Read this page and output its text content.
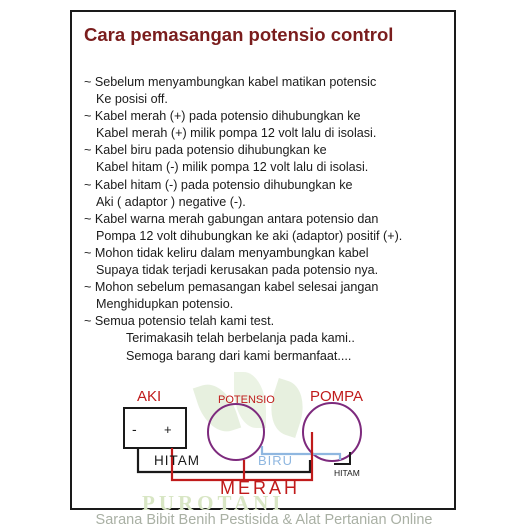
Cara pemasangan potensio control
~ Sebelum menyambungkan kabel matikan potensic
Ke posisi off.
~ Kabel merah (+) pada potensio dihubungkan ke
Kabel merah (+) milik pompa 12 volt lalu di isolasi.
~ Kabel biru pada potensio dihubungkan ke
Kabel hitam (-) milik pompa 12 volt lalu di isolasi.
~ Kabel hitam (-) pada potensio dihubungkan ke
Aki ( adaptor ) negative (-).
~ Kabel warna merah gabungan antara potensio dan
Pompa 12 volt dihubungkan ke aki (adaptor) positif (+).
~ Mohon tidak keliru dalam menyambungkan kabel
Supaya tidak terjadi kerusakan pada potensio nya.
~ Mohon sebelum pemasangan kabel selesai jangan
Menghidupkan potensio.
~ Semua potensio telah kami test.
Terimakasih telah berbelanja pada kami..
Semoga barang dari kami bermanfaat....
- +
AKI	POTENSIO POMPA
HITAM	BIRU
HITAM
PUROTANI
MERAH
Sarana Bibit Benih Pestisida & Alat Pertanian Online
